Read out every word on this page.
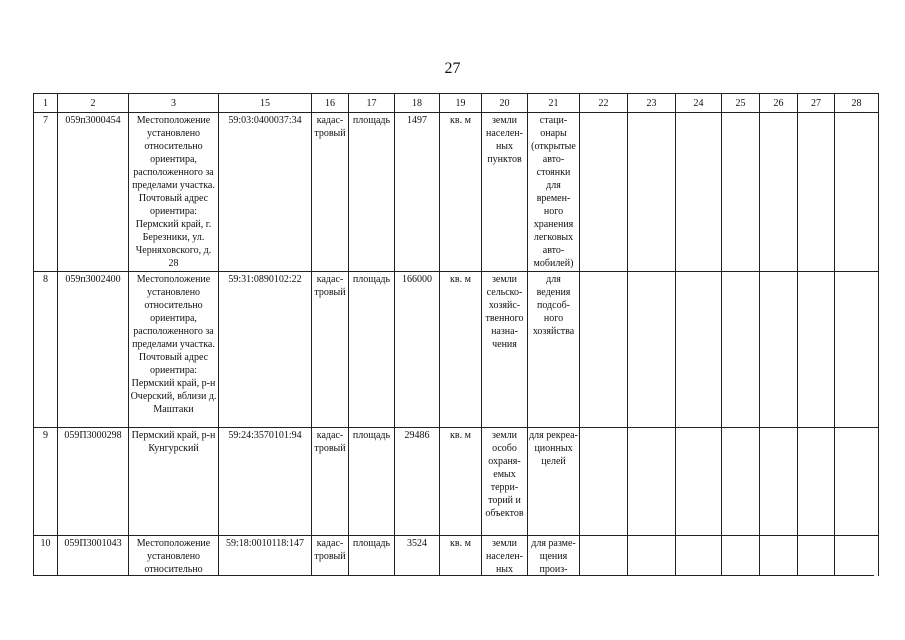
27
1	2	3	15	16	17	18	19	20	21	22	23	24	25	26	27	28
7	059п3000454	Местоположение установлено относительно ориентира, расположенного за пределами участка. Почтовый адрес ориентира: Пермский край, г. Березники, ул. Черняховского, д. 28	59:03:0400037:34	кадас-тровый	площадь	1497	кв. м	земли населен-ных пунктов	стаци-онары (открытые авто-стоянки для времен-ного хранения легковых авто-мобилей)							
8	059п3002400	Местоположение установлено относительно ориентира, расположенного за пределами участка. Почтовый адрес ориентира: Пермский край, р-н Очерский, вблизи д. Маштаки	59:31:0890102:22	кадас-тровый	площадь	166000	кв. м	земли сельско-хозяйс-твенного назна-чения	для ведения подсоб-ного хозяйства							
9	059П3000298	Пермский край, р-н Кунгурский	59:24:3570101:94	кадас-тровый	площадь	29486	кв. м	земли особо охраня-емых терри-торий и объектов	для рекреа-ционных целей							
10	059П3001043	Местоположение установлено относительно	59:18:0010118:147	кадас-тровый	площадь	3524	кв. м	земли населен-ных	для разме-щения произ-							
